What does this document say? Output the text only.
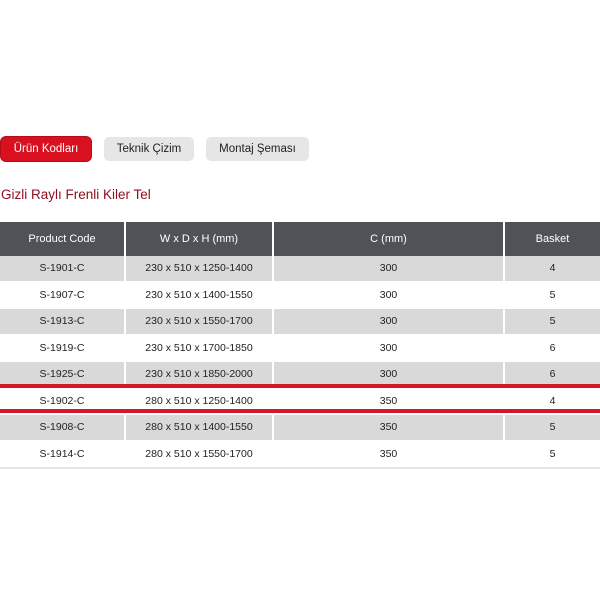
Ürün Kodları	Teknik Çizim	Montaj Şeması
Gizli Raylı Frenli Kiler Tel
Product Code	W x D x H (mm)	C (mm)	Basket
S-1901-C	230 x 510 x 1250-1400	300	4
S-1907-C	230 x 510 x 1400-1550	300	5
S-1913-C	230 x 510 x 1550-1700	300	5
S-1919-C	230 x 510 x 1700-1850	300	6
S-1925-C	230 x 510 x 1850-2000	300	6
S-1902-C	280 x 510 x 1250-1400	350	4
S-1908-C	280 x 510 x 1400-1550	350	5
S-1914-C	280 x 510 x 1550-1700	350	5
